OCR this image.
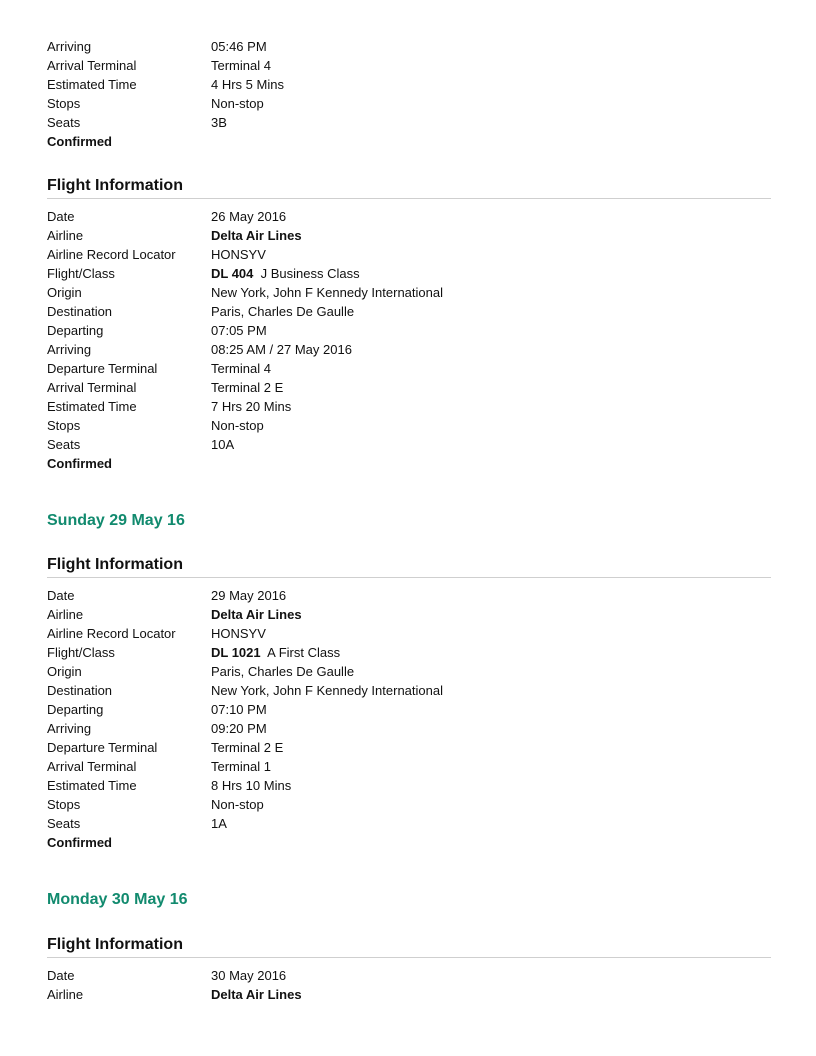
Arriving	05:46 PM
Arrival Terminal	Terminal 4
Estimated Time	4 Hrs 5 Mins
Stops	Non-stop
Seats	3B
Confirmed
Flight Information
Date	26 May 2016
Airline	Delta Air Lines
Airline Record Locator	HONSYV
Flight/Class	DL 404 J Business Class
Origin	New York, John F Kennedy International
Destination	Paris, Charles De Gaulle
Departing	07:05 PM
Arriving	08:25 AM / 27 May 2016
Departure Terminal	Terminal 4
Arrival Terminal	Terminal 2 E
Estimated Time	7 Hrs 20 Mins
Stops	Non-stop
Seats	10A
Confirmed
Sunday 29 May 16
Flight Information
Date	29 May 2016
Airline	Delta Air Lines
Airline Record Locator	HONSYV
Flight/Class	DL 1021 A First Class
Origin	Paris, Charles De Gaulle
Destination	New York, John F Kennedy International
Departing	07:10 PM
Arriving	09:20 PM
Departure Terminal	Terminal 2 E
Arrival Terminal	Terminal 1
Estimated Time	8 Hrs 10 Mins
Stops	Non-stop
Seats	1A
Confirmed
Monday 30 May 16
Flight Information
Date	30 May 2016
Airline	Delta Air Lines
